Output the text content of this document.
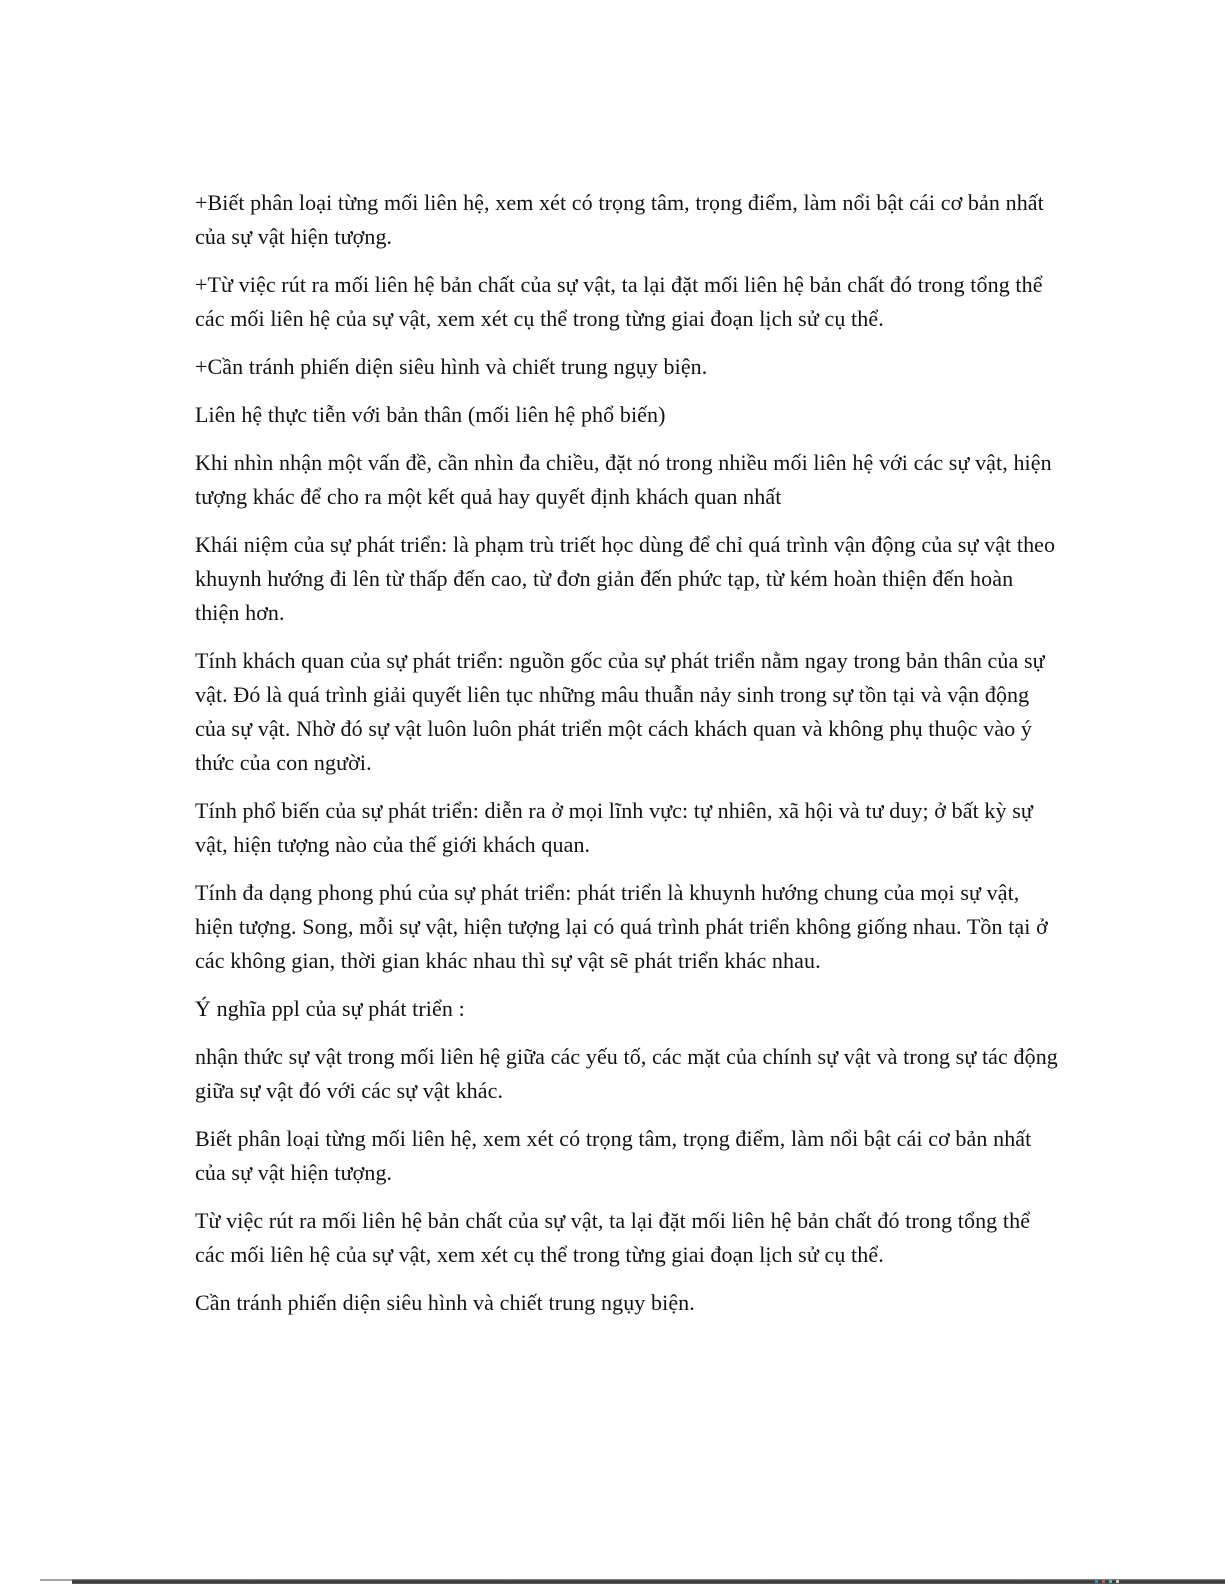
+Biết phân loại từng mối liên hệ, xem xét có trọng tâm, trọng điểm, làm nổi bật cái cơ bản nhất của sự vật hiện tượng.

+Từ việc rút ra mối liên hệ bản chất của sự vật, ta lại đặt mối liên hệ bản chất đó trong tổng thể các mối liên hệ của sự vật, xem xét cụ thể trong từng giai đoạn lịch sử cụ thể.

+Cần tránh phiến diện siêu hình và chiết trung ngụy biện.

Liên hệ thực tiễn với bản thân (mối liên hệ phổ biến)

Khi nhìn nhận một vấn đề, cần nhìn đa chiều, đặt nó trong nhiều mối liên hệ với các sự vật, hiện tượng khác để cho ra một kết quả hay quyết định khách quan nhất

Khái niệm của sự phát triển: là phạm trù triết học dùng để chỉ quá trình vận động của sự vật theo khuynh hướng đi lên từ thấp đến cao, từ đơn giản đến phức tạp, từ kém hoàn thiện đến hoàn thiện hơn.

Tính khách quan của sự phát triển: nguồn gốc của sự phát triển nằm ngay trong bản thân của sự vật. Đó là quá trình giải quyết liên tục những mâu thuẫn nảy sinh trong sự tồn tại và vận động của sự vật. Nhờ đó sự vật luôn luôn phát triển một cách khách quan và không phụ thuộc vào ý thức của con người.

Tính phổ biến của sự phát triển: diễn ra ở mọi lĩnh vực: tự nhiên, xã hội và tư duy; ở bất kỳ sự vật, hiện tượng nào của thế giới khách quan.

Tính đa dạng phong phú của sự phát triển: phát triển là khuynh hướng chung của mọi sự vật, hiện tượng. Song, mỗi sự vật, hiện tượng lại có quá trình phát triển không giống nhau. Tồn tại ở các không gian, thời gian khác nhau thì sự vật sẽ phát triển khác nhau.

Ý nghĩa ppl của sự phát triển :

nhận thức sự vật trong mối liên hệ giữa các yếu tố, các mặt của chính sự vật và trong sự tác động giữa sự vật đó với các sự vật khác.

Biết phân loại từng mối liên hệ, xem xét có trọng tâm, trọng điểm, làm nổi bật cái cơ bản nhất của sự vật hiện tượng.

Từ việc rút ra mối liên hệ bản chất của sự vật, ta lại đặt mối liên hệ bản chất đó trong tổng thể các mối liên hệ của sự vật, xem xét cụ thể trong từng giai đoạn lịch sử cụ thể.

Cần tránh phiến diện siêu hình và chiết trung ngụy biện.
